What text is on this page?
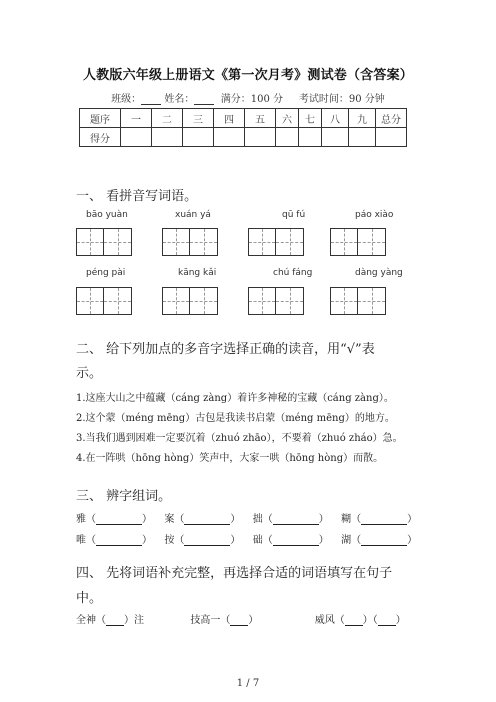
人教版六年级上册语文《第一次月考》测试卷（含答案）
班级： 姓名：	满分：100 分 考试时间：90 分钟
题序	一	二	三	四	五	六	七	八	九	总分
得分										
一、 看拼音写词语。
bāo yuàn	xuán yá	qū fú	páo xiào
péng pài	kāng kǎi	chú fáng	dàng yàng
二、 给下列加点的多音字选择正确的读音，用“√”表
示。
1.这座大山之中蕴藏（cáng zàng）着许多神秘的宝藏（cáng zàng）。
2.这个蒙（méng mēng）古包是我读书启蒙（méng mēng）的地方。
3.当我们遇到困难一定要沉着（zhuó zhāo），不要着（zhuó zháo）急。
4.在一阵哄（hōng hòng）笑声中，大家一哄（hōng hòng）而散。
三、 辨字组词。
雅（	） 案（	） 拙（	） 糊（	）
唯（	） 按（	） 础（	） 湖（	）
四、 先将词语补充完整，再选择合适的词语填写在句子
中。
全神（ ）注	技高一（ ）	威风（ ）（ ）
1 / 7
